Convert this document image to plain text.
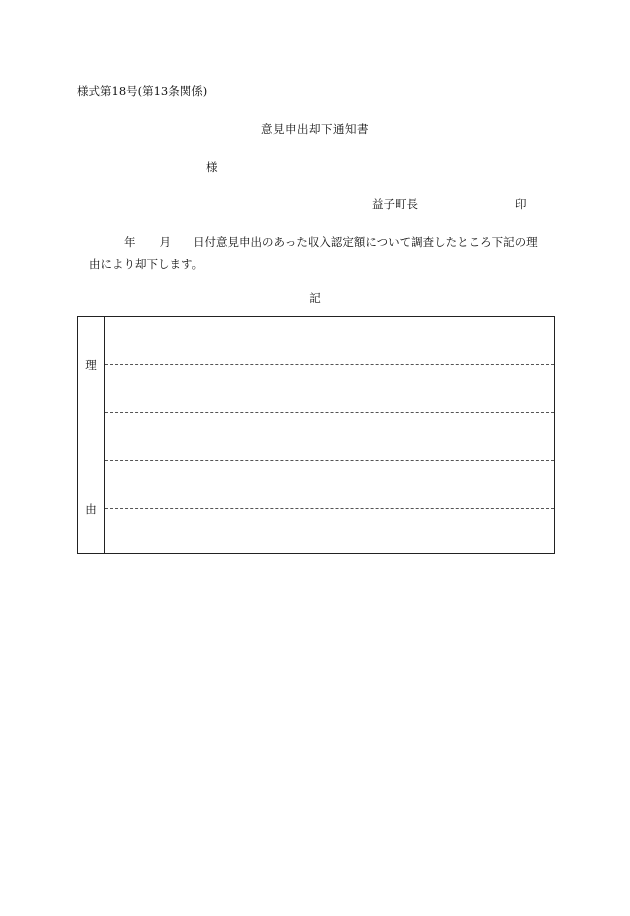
様式第18号(第13条関係)
意見申出却下通知書
様
益子町長	印
年 月 日付意見申出のあった収入認定額について調査したところ下記の理
由により却下します。
記
理
由
